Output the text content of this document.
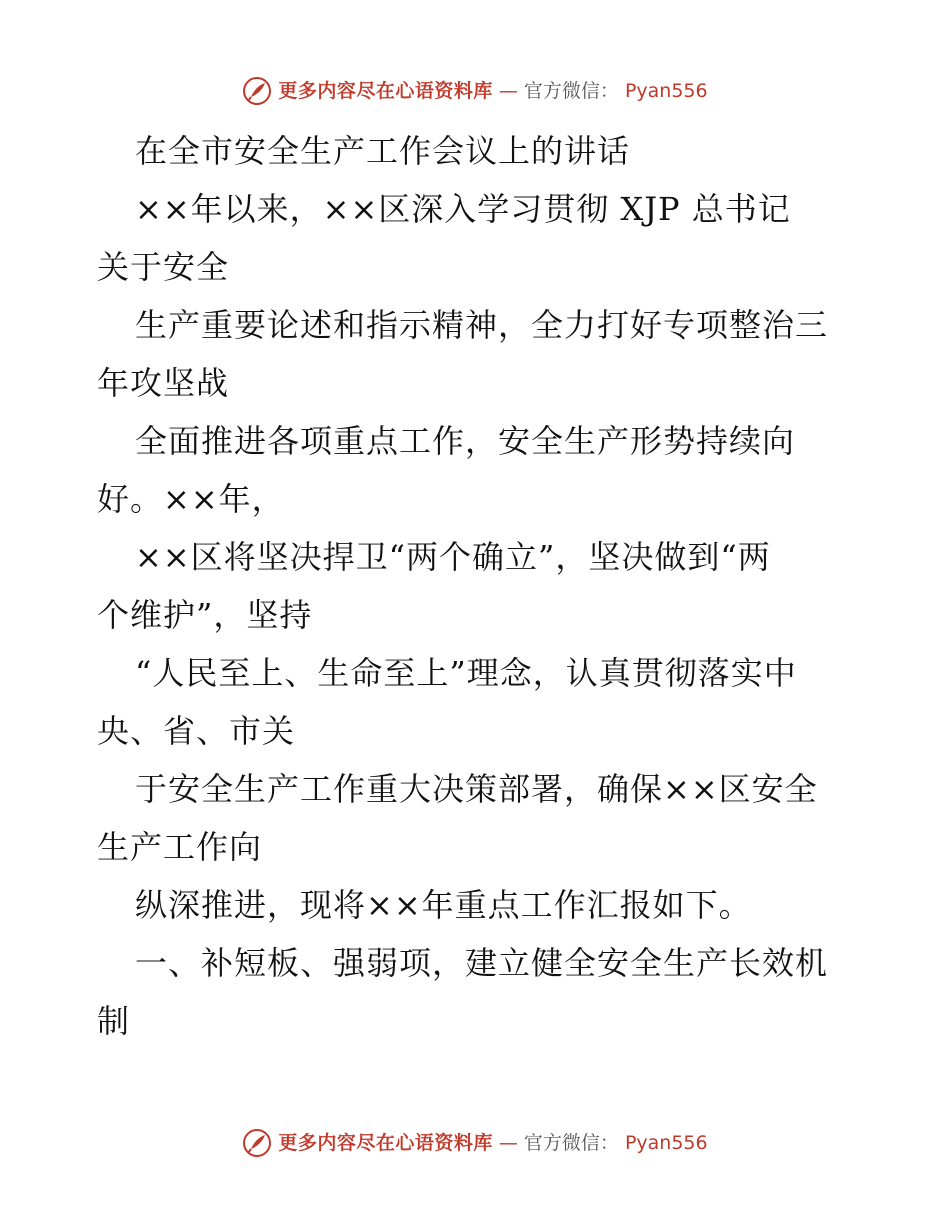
更多内容尽在心语资料库 — 官方微信： Pyan556
在全市安全生产工作会议上的讲话
××年以来，××区深入学习贯彻 XJP 总书记
关于安全
生产重要论述和指示精神，全力打好专项整治三
年攻坚战
全面推进各项重点工作，安全生产形势持续向
好。××年，
××区将坚决捍卫“两个确立”，坚决做到“两
个维护”，坚持
“人民至上、生命至上”理念，认真贯彻落实中
央、省、市关
于安全生产工作重大决策部署，确保××区安全
生产工作向
纵深推进，现将××年重点工作汇报如下。
一、补短板、强弱项，建立健全安全生产长效机
制
更多内容尽在心语资料库 — 官方微信： Pyan556
